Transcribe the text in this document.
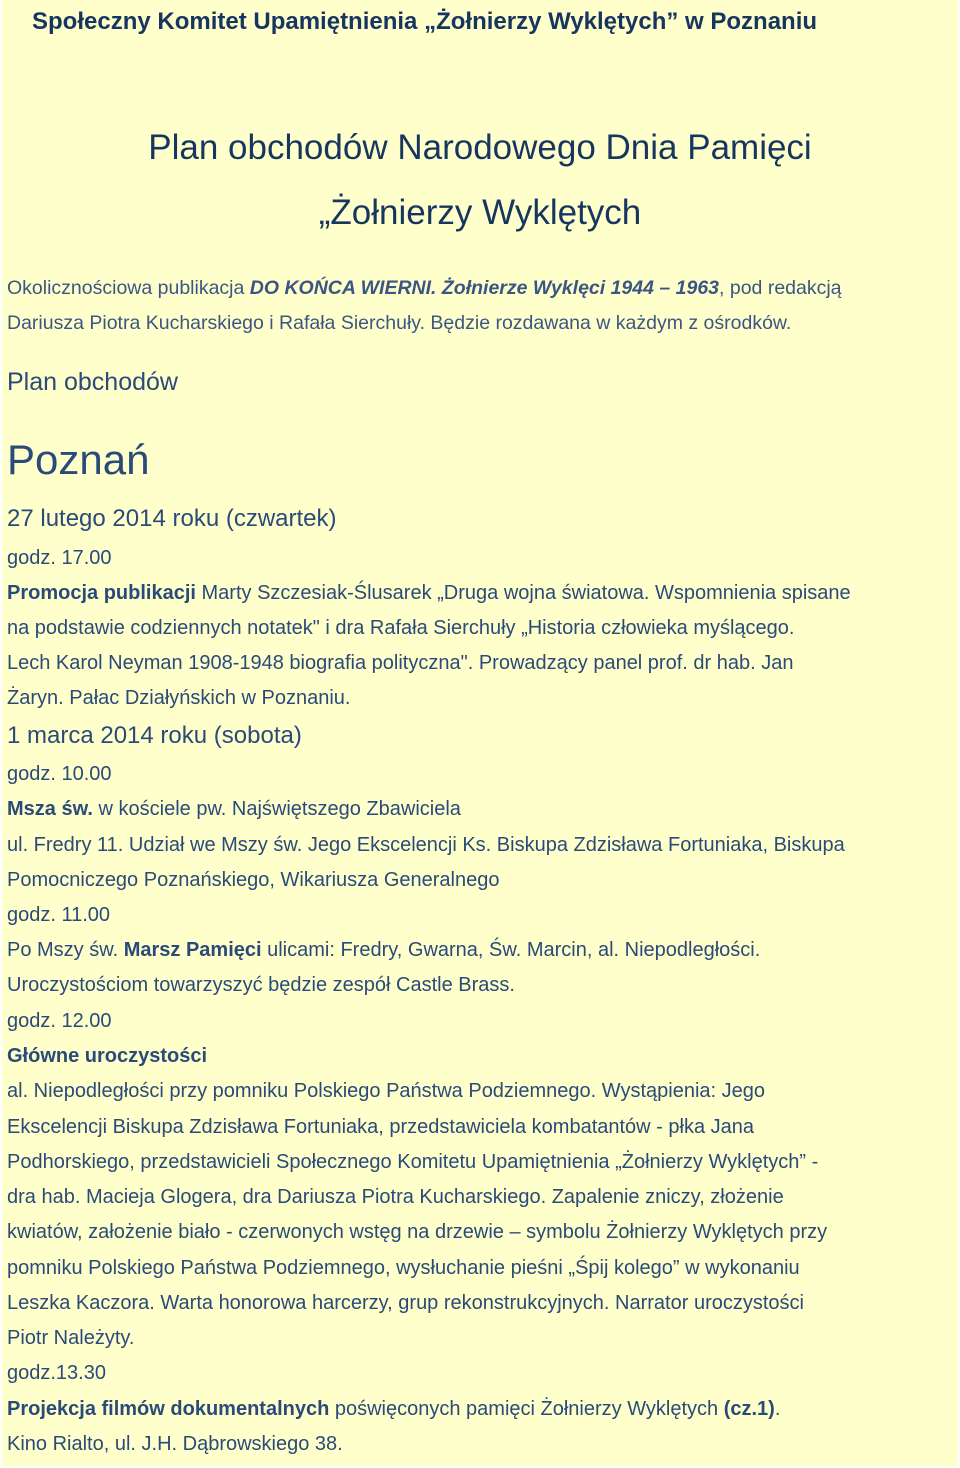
Społeczny Komitet Upamiętnienia „Żołnierzy Wyklętych” w Poznaniu
Plan obchodów Narodowego Dnia Pamięci
„Żołnierzy Wyklętych
Okolicznościowa publikacja DO KOŃCA WIERNI. Żołnierze Wyklęci 1944 – 1963, pod redakcją
Dariusza Piotra Kucharskiego i Rafała Sierchuły. Będzie rozdawana w każdym z ośrodków.
Plan obchodów
Poznań
27 lutego 2014 roku (czwartek)
godz. 17.00
Promocja publikacji Marty Szczesiak-Ślusarek „Druga wojna światowa. Wspomnienia spisane
na podstawie codziennych notatek" i dra Rafała Sierchuły „Historia człowieka myślącego.
Lech Karol Neyman 1908-1948 biografia polityczna". Prowadzący panel prof. dr hab. Jan
Żaryn. Pałac Działyńskich w Poznaniu.
1 marca 2014 roku (sobota)
godz. 10.00
Msza św. w kościele pw. Najświętszego Zbawiciela
ul. Fredry 11. Udział we Mszy św. Jego Ekscelencji Ks. Biskupa Zdzisława Fortuniaka, Biskupa
Pomocniczego Poznańskiego, Wikariusza Generalnego
godz. 11.00
Po Mszy św. Marsz Pamięci ulicami: Fredry, Gwarna, Św. Marcin, al. Niepodległości.
Uroczystościom towarzyszyć będzie zespół Castle Brass.
godz. 12.00
Główne uroczystości
al. Niepodległości przy pomniku Polskiego Państwa Podziemnego. Wystąpienia: Jego
Ekscelencji Biskupa Zdzisława Fortuniaka, przedstawiciela kombatantów - płka Jana
Podhorskiego, przedstawicieli Społecznego Komitetu Upamiętnienia „Żołnierzy Wyklętych” -
dra hab. Macieja Glogera, dra Dariusza Piotra Kucharskiego. Zapalenie zniczy, złożenie
kwiatów, założenie biało - czerwonych wstęg na drzewie – symbolu Żołnierzy Wyklętych przy
pomniku Polskiego Państwa Podziemnego, wysłuchanie pieśni „Śpij kolego” w wykonaniu
Leszka Kaczora. Warta honorowa harcerzy, grup rekonstrukcyjnych. Narrator uroczystości
Piotr Należyty.
godz.13.30
Projekcja filmów dokumentalnych poświęconych pamięci Żołnierzy Wyklętych (cz.1).
Kino Rialto, ul. J.H. Dąbrowskiego 38.
